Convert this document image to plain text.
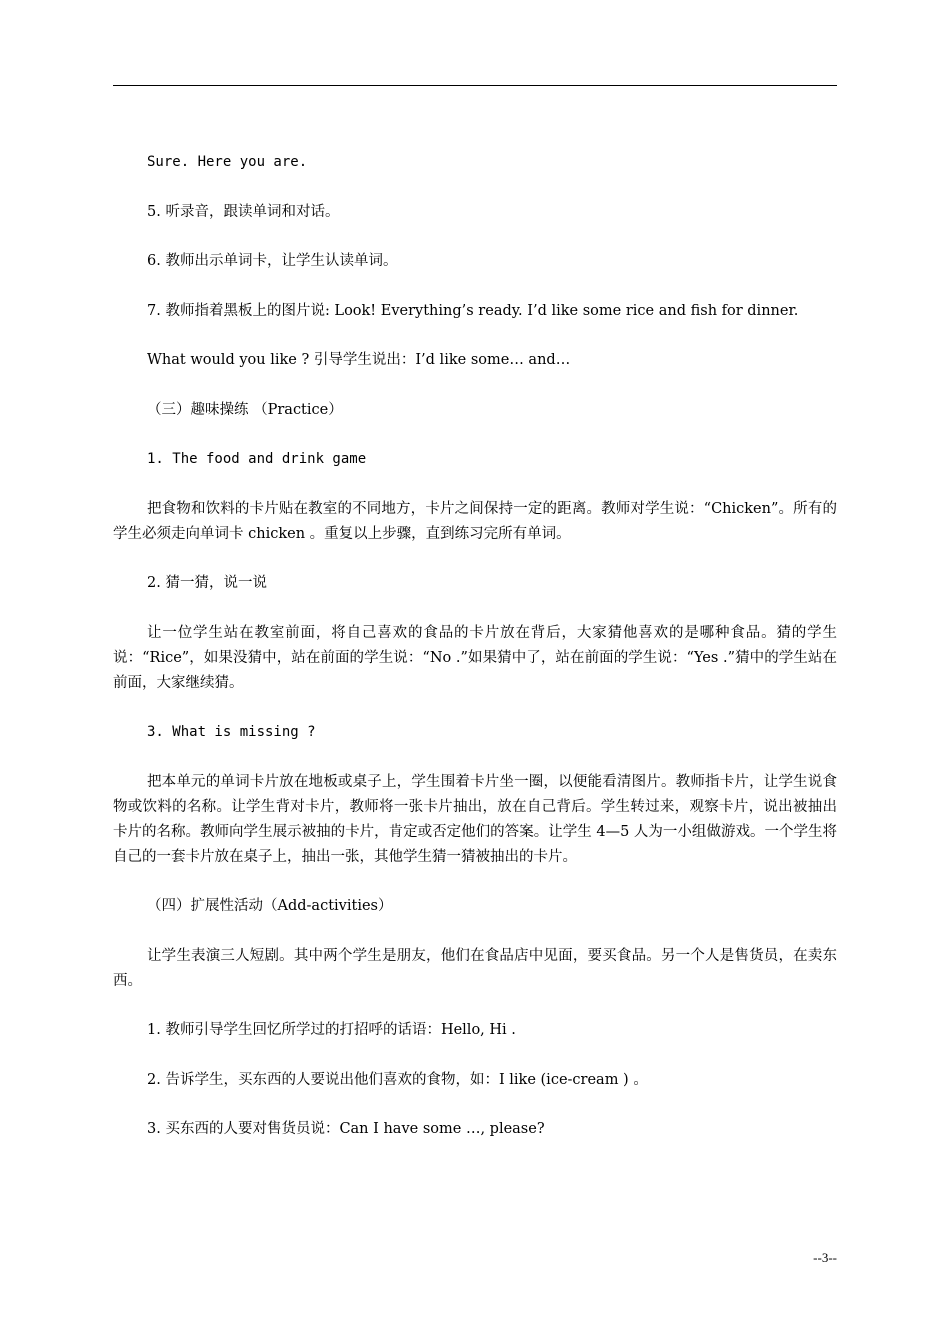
Sure. Here you are.

5. 听录音，跟读单词和对话。

6. 教师出示单词卡，让学生认读单词。

7. 教师指着黑板上的图片说: Look! Everything’s ready. I’d like some rice and fish for dinner.

What would you like ? 引导学生说出：I’d like some… and…

（三）趣味操练 （Practice）

1. The food and drink game

把食物和饮料的卡片贴在教室的不同地方，卡片之间保持一定的距离。教师对学生说：“Chicken”。所有的学生必须走向单词卡 chicken 。重复以上步骤，直到练习完所有单词。

2. 猜一猜，说一说

让一位学生站在教室前面，将自己喜欢的食品的卡片放在背后，大家猜他喜欢的是哪种食品。猜的学生说：“Rice”，如果没猜中，站在前面的学生说：“No .”如果猜中了，站在前面的学生说：“Yes .”猜中的学生站在前面，大家继续猜。

3. What is missing ?

把本单元的单词卡片放在地板或桌子上，学生围着卡片坐一圈，以便能看清图片。教师指卡片，让学生说食物或饮料的名称。让学生背对卡片，教师将一张卡片抽出，放在自己背后。学生转过来，观察卡片，说出被抽出卡片的名称。教师向学生展示被抽的卡片，肯定或否定他们的答案。让学生 4—5 人为一小组做游戏。一个学生将自己的一套卡片放在桌子上，抽出一张，其他学生猜一猜被抽出的卡片。

（四）扩展性活动（Add-activities）

让学生表演三人短剧。其中两个学生是朋友，他们在食品店中见面，要买食品。另一个人是售货员，在卖东西。

1. 教师引导学生回忆所学过的打招呼的话语：Hello, Hi .

2. 告诉学生，买东西的人要说出他们喜欢的食物，如：I like (ice-cream ) 。

3. 买东西的人要对售货员说：Can I have some …, please?

--3--
